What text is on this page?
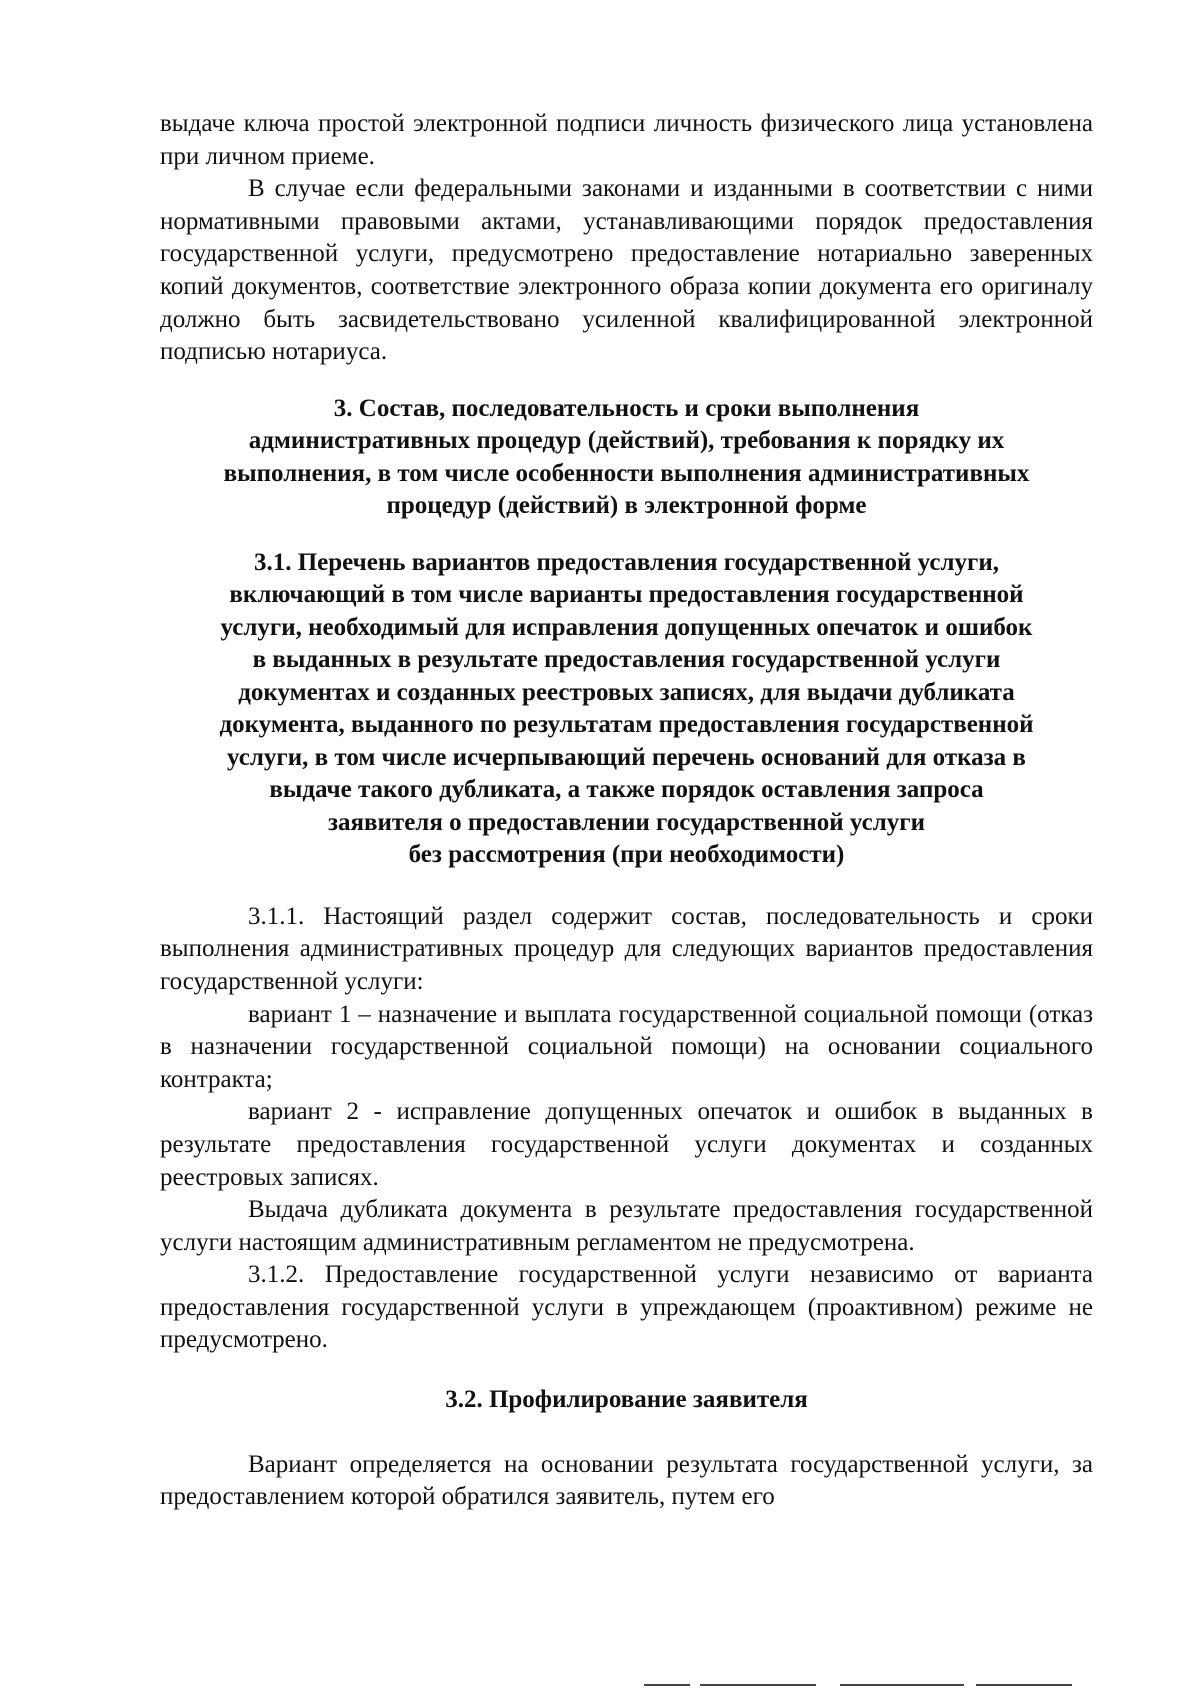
выдаче ключа простой электронной подписи личность физического лица установлена при личном приеме.

В случае если федеральными законами и изданными в соответствии с ними нормативными правовыми актами, устанавливающими порядок предоставления государственной услуги, предусмотрено предоставление нотариально заверенных копий документов, соответствие электронного образа копии документа его оригиналу должно быть засвидетельствовано усиленной квалифицированной электронной подписью нотариуса.

3. Состав, последовательность и сроки выполнения
административных процедур (действий), требования к порядку их
выполнения, в том числе особенности выполнения административных
процедур (действий) в электронной форме
3.1. Перечень вариантов предоставления государственной услуги,
включающий в том числе варианты предоставления государственной
услуги, необходимый для исправления допущенных опечаток и ошибок
в выданных в результате предоставления государственной услуги
документах и созданных реестровых записях, для выдачи дубликата
документа, выданного по результатам предоставления государственной
услуги, в том числе исчерпывающий перечень оснований для отказа в
выдаче такого дубликата, а также порядок оставления запроса
заявителя о предоставлении государственной услуги
без рассмотрения (при необходимости)

3.1.1. Настоящий раздел содержит состав, последовательность и сроки выполнения административных процедур для следующих вариантов предоставления государственной услуги:

вариант 1 – назначение и выплата государственной социальной помощи (отказ в назначении государственной социальной помощи) на основании социального контракта;

вариант 2 - исправление допущенных опечаток и ошибок в выданных в результате предоставления государственной услуги документах и созданных реестровых записях.

Выдача дубликата документа в результате предоставления государственной услуги настоящим административным регламентом не предусмотрена.

3.1.2. Предоставление государственной услуги независимо от варианта предоставления государственной услуги в упреждающем (проактивном) режиме не предусмотрено.

3.2. Профилирование заявителя

Вариант определяется на основании результата государственной услуги, за предоставлением которой обратился заявитель, путем его
